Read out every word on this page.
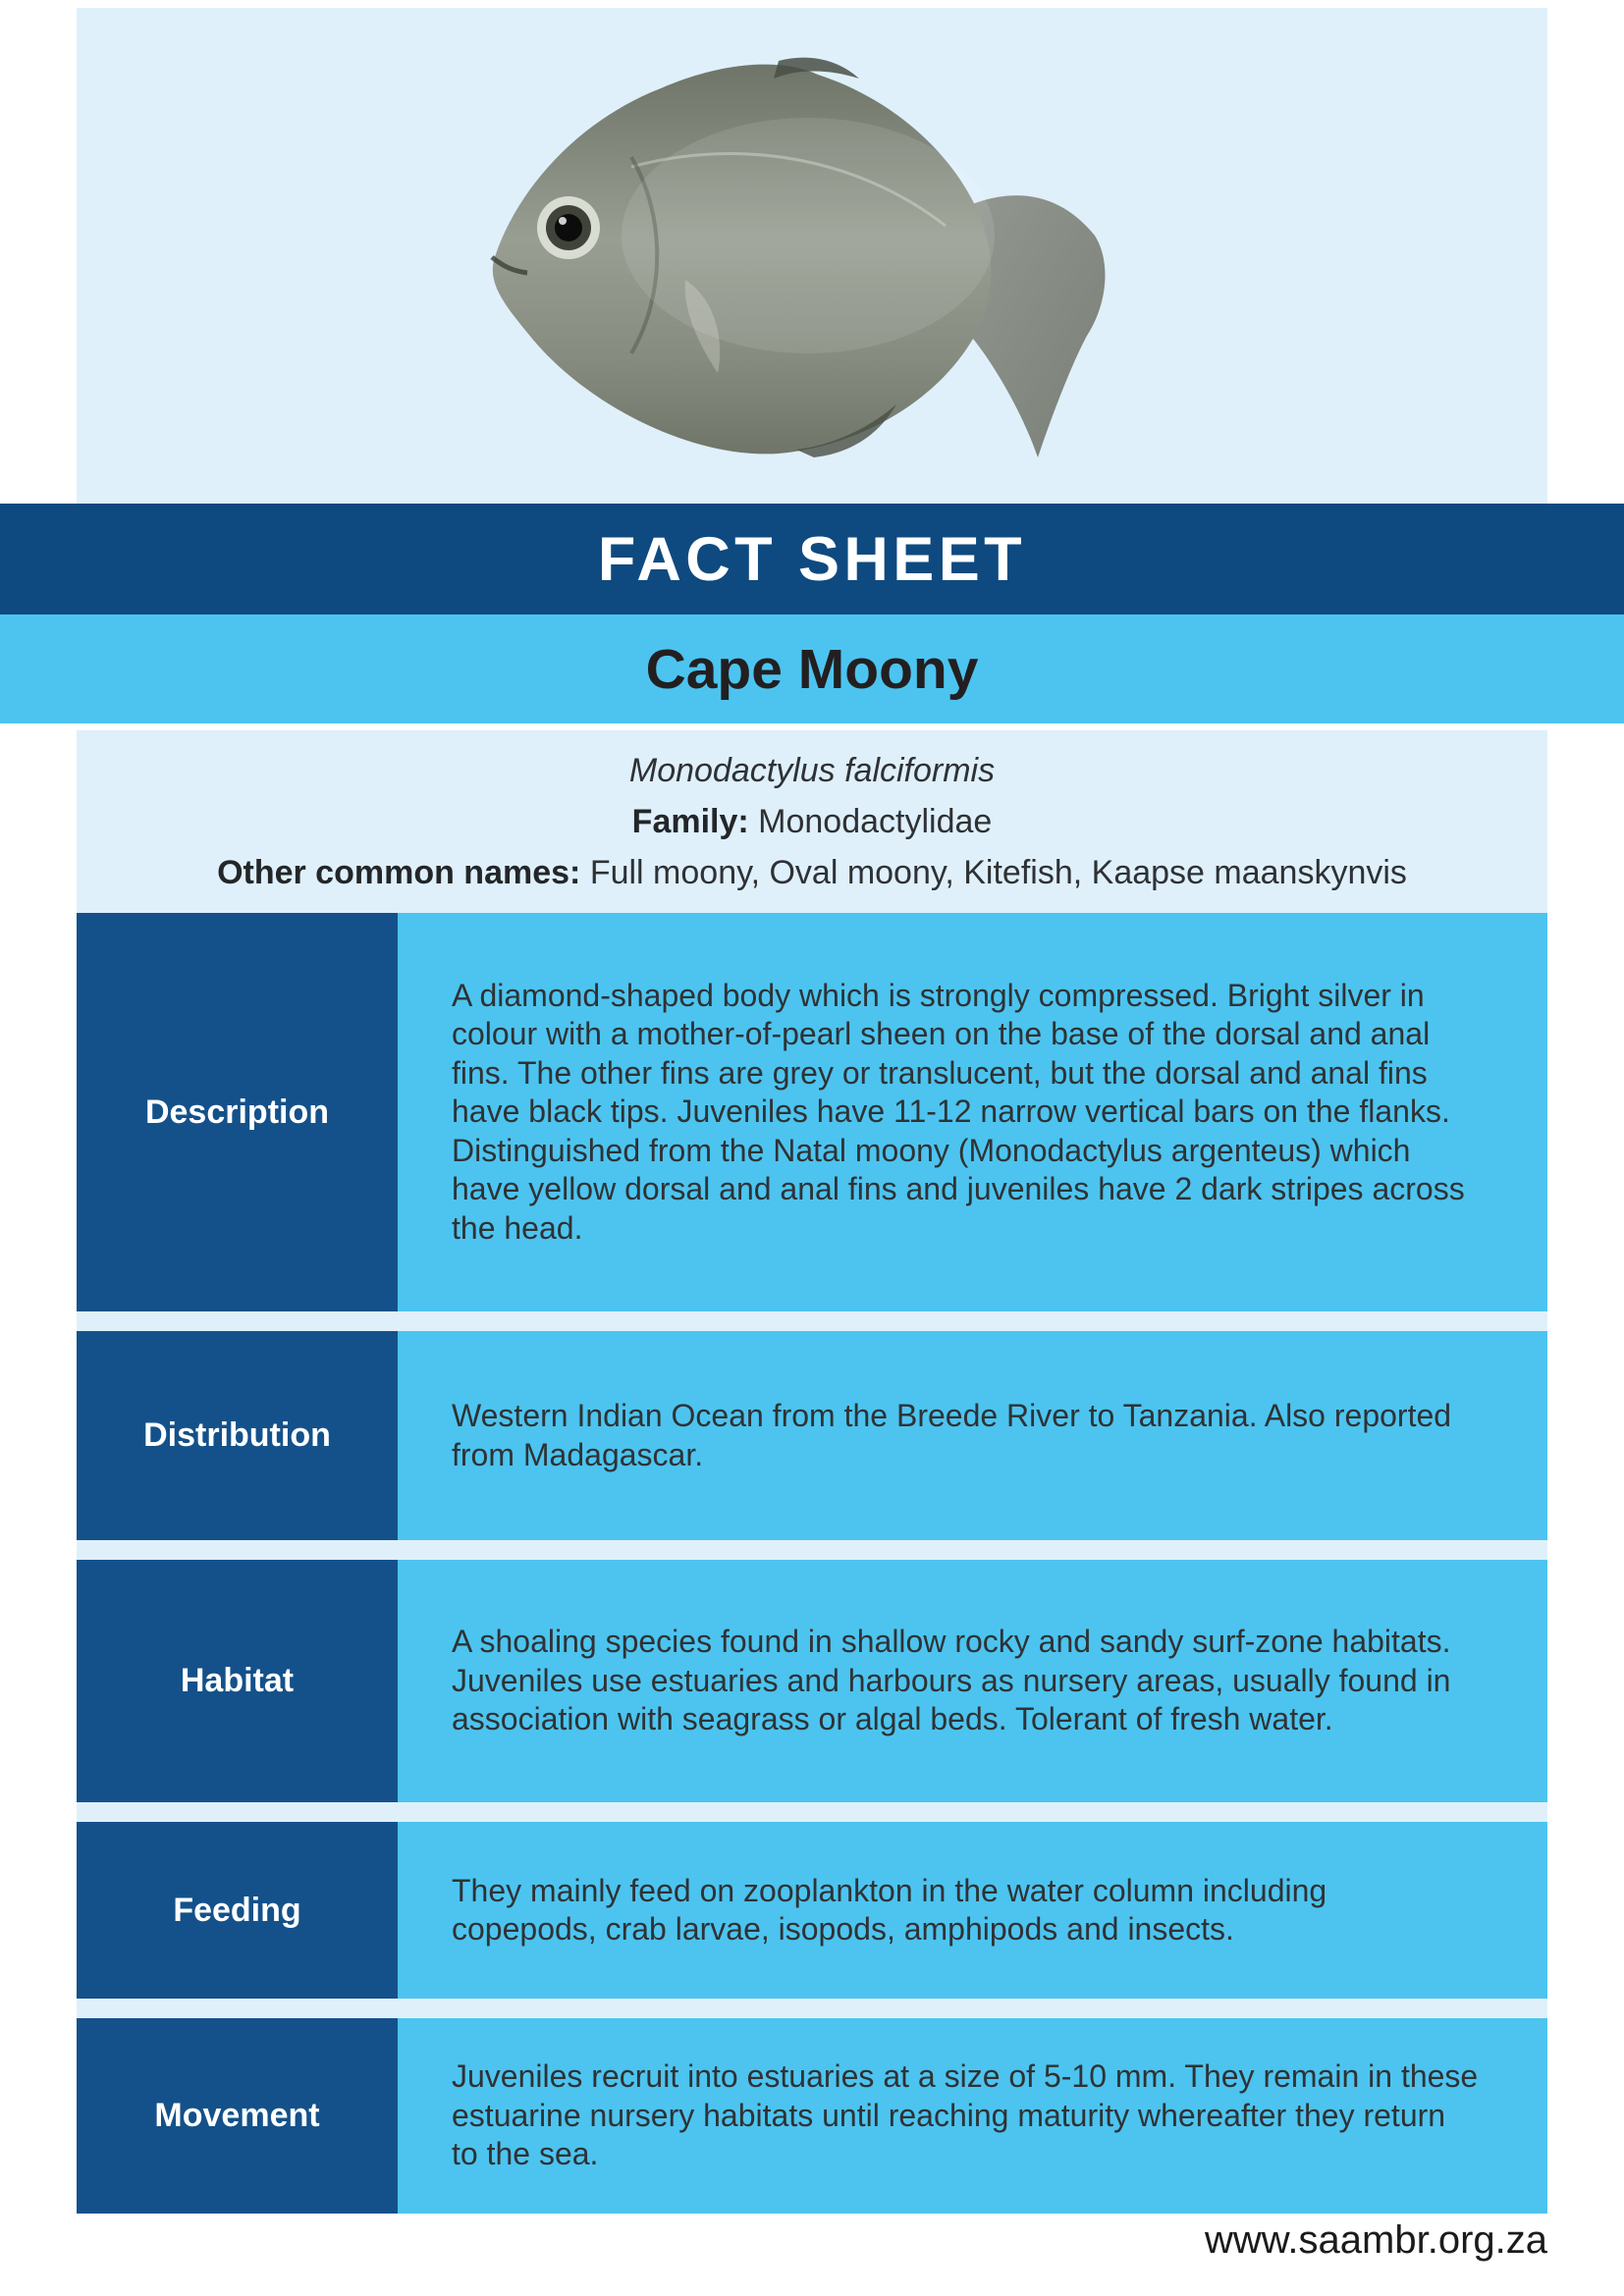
FACT SHEET
Cape Moony
Monodactylus falciformis
Family: Monodactylidae
Other common names: Full moony, Oval moony, Kitefish, Kaapse maanskynvis
Description
A diamond-shaped body which is strongly compressed. Bright silver in colour with a mother-of-pearl sheen on the base of the dorsal and anal fins. The other fins are grey or translucent, but the dorsal and anal fins have black tips. Juveniles have 11-12 narrow vertical bars on the flanks. Distinguished from the Natal moony (Monodactylus argenteus) which have yellow dorsal and anal fins and juveniles have 2 dark stripes across the head.
Distribution
Western Indian Ocean from the Breede River to Tanzania. Also reported from Madagascar.
Habitat
A shoaling species found in shallow rocky and sandy surf-zone habitats. Juveniles use estuaries and harbours as nursery areas, usually found in association with seagrass or algal beds. Tolerant of fresh water.
Feeding
They mainly feed on zooplankton in the water column including copepods, crab larvae, isopods, amphipods and insects.
Movement
Juveniles recruit into estuaries at a size of 5-10 mm. They remain in these estuarine nursery habitats until reaching maturity whereafter they return to the sea.
www.saambr.org.za
